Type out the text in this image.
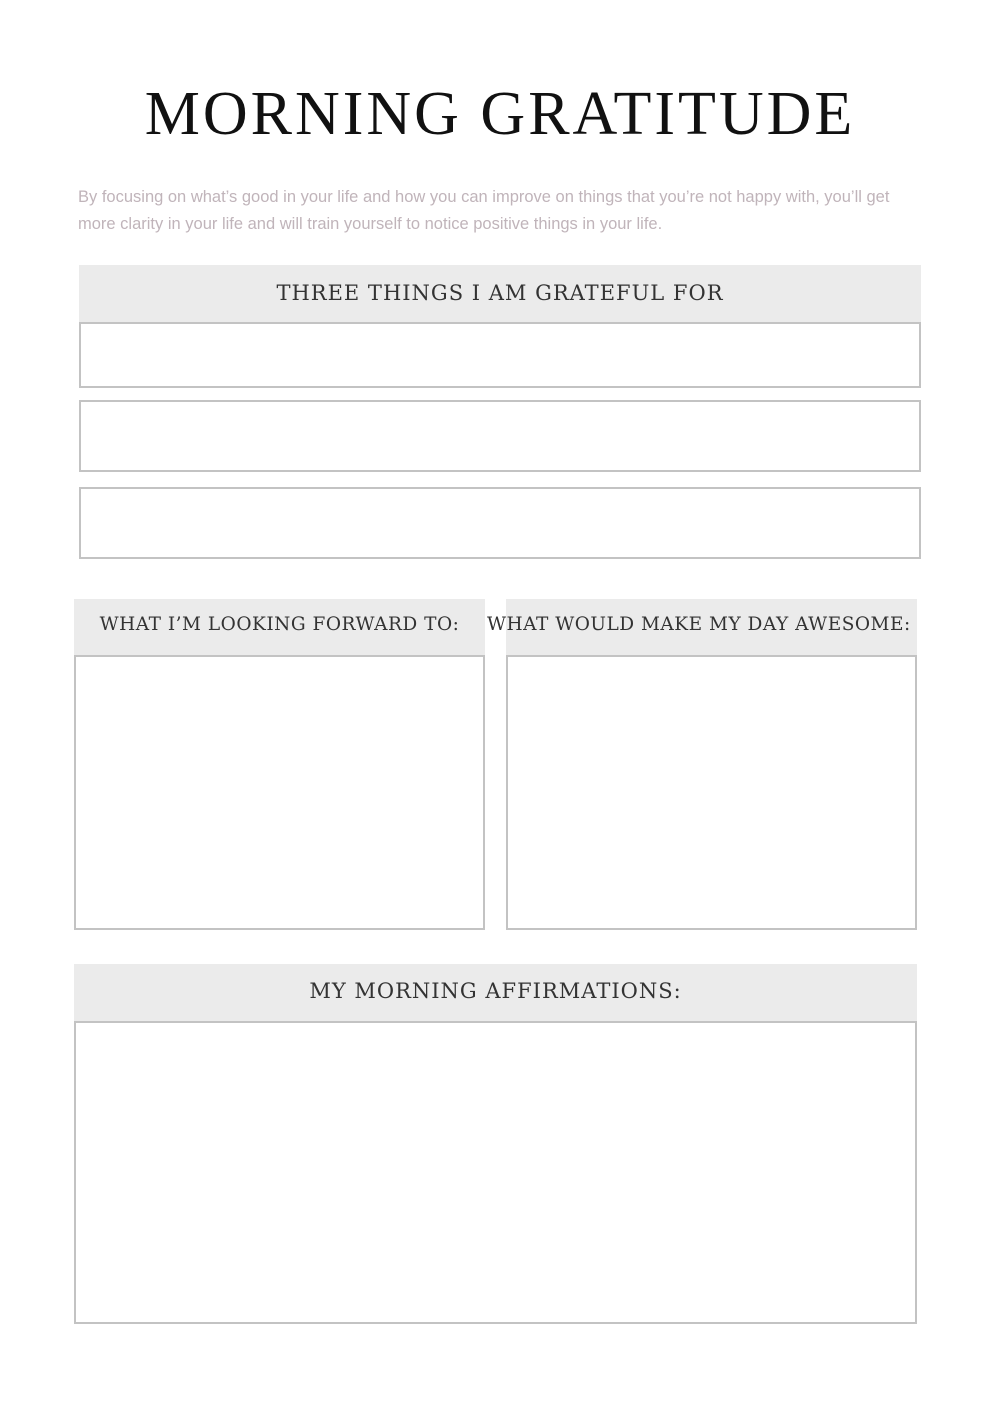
MORNING GRATITUDE

By focusing on what’s good in your life and how you can improve on things that you’re not happy with, you’ll get more clarity in your life and will train yourself to notice positive things in your life.

THREE THINGS I AM GRATEFUL FOR
WHAT I’M LOOKING FORWARD TO:	WHAT WOULD MAKE MY DAY AWESOME:
MY MORNING AFFIRMATIONS:
